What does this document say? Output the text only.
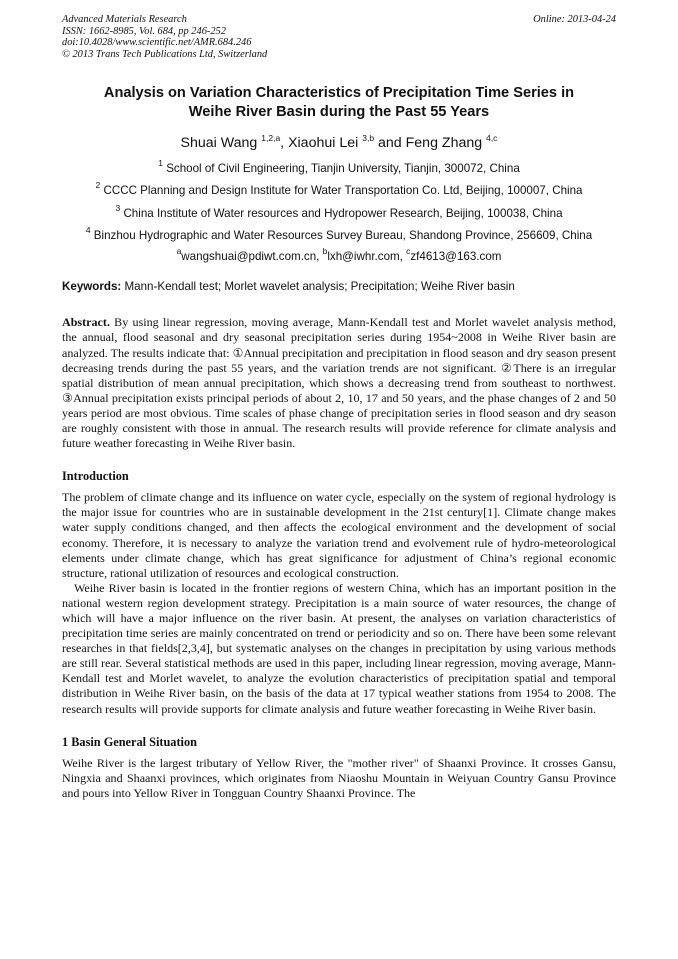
Advanced Materials Research
ISSN: 1662-8985, Vol. 684, pp 246-252
doi:10.4028/www.scientific.net/AMR.684.246
© 2013 Trans Tech Publications Ltd, Switzerland
Online: 2013-04-24
Analysis on Variation Characteristics of Precipitation Time Series in
Weihe River Basin during the Past 55 Years
Shuai Wang $^{1,2,a}$, Xiaohui Lei $^{3,b}$ and Feng Zhang $^{4,c}$
$^1$ School of Civil Engineering, Tianjin University, Tianjin, 300072, China
$^2$ CCCC Planning and Design Institute for Water Transportation Co. Ltd, Beijing, 100007, China
$^3$ China Institute of Water resources and Hydropower Research, Beijing, 100038, China
$^4$ Binzhou Hydrographic and Water Resources Survey Bureau, Shandong Province, 256609, China
$^a$wangshuai@pdiwt.com.cn, $^b$lxh@iwhr.com, $^c$zf4613@163.com
Keywords: Mann-Kendall test; Morlet wavelet analysis; Precipitation; Weihe River basin

Abstract. By using linear regression, moving average, Mann-Kendall test and Morlet wavelet analysis method, the annual, flood seasonal and dry seasonal precipitation series during 1954~2008 in Weihe River basin are analyzed. The results indicate that: ①Annual precipitation and precipitation in flood season and dry season present decreasing trends during the past 55 years, and the variation trends are not significant. ②There is an irregular spatial distribution of mean annual precipitation, which shows a decreasing trend from southeast to northwest. ③Annual precipitation exists principal periods of about 2, 10, 17 and 50 years, and the phase changes of 2 and 50 years period are most obvious. Time scales of phase change of precipitation series in flood season and dry season are roughly consistent with those in annual. The research results will provide reference for climate analysis and future weather forecasting in Weihe River basin.

Introduction

The problem of climate change and its influence on water cycle, especially on the system of regional hydrology is the major issue for countries who are in sustainable development in the 21st century[1]. Climate change makes water supply conditions changed, and then affects the ecological environment and the development of social economy. Therefore, it is necessary to analyze the variation trend and evolvement rule of hydro-meteorological elements under climate change, which has great significance for adjustment of China’s regional economic structure, rational utilization of resources and ecological construction.

Weihe River basin is located in the frontier regions of western China, which has an important position in the national western region development strategy. Precipitation is a main source of water resources, the change of which will have a major influence on the river basin. At present, the analyses on variation characteristics of precipitation time series are mainly concentrated on trend or periodicity and so on. There have been some relevant researches in that fields[2,3,4], but systematic analyses on the changes in precipitation by using various methods are still rear. Several statistical methods are used in this paper, including linear regression, moving average, Mann-Kendall test and Morlet wavelet, to analyze the evolution characteristics of precipitation spatial and temporal distribution in Weihe River basin, on the basis of the data at 17 typical weather stations from 1954 to 2008. The research results will provide supports for climate analysis and future weather forecasting in Weihe River basin.

1 Basin General Situation

Weihe River is the largest tributary of Yellow River, the "mother river" of Shaanxi Province. It crosses Gansu, Ningxia and Shaanxi provinces, which originates from Niaoshu Mountain in Weiyuan Country Gansu Province and pours into Yellow River in Tongguan Country Shaanxi Province. The
